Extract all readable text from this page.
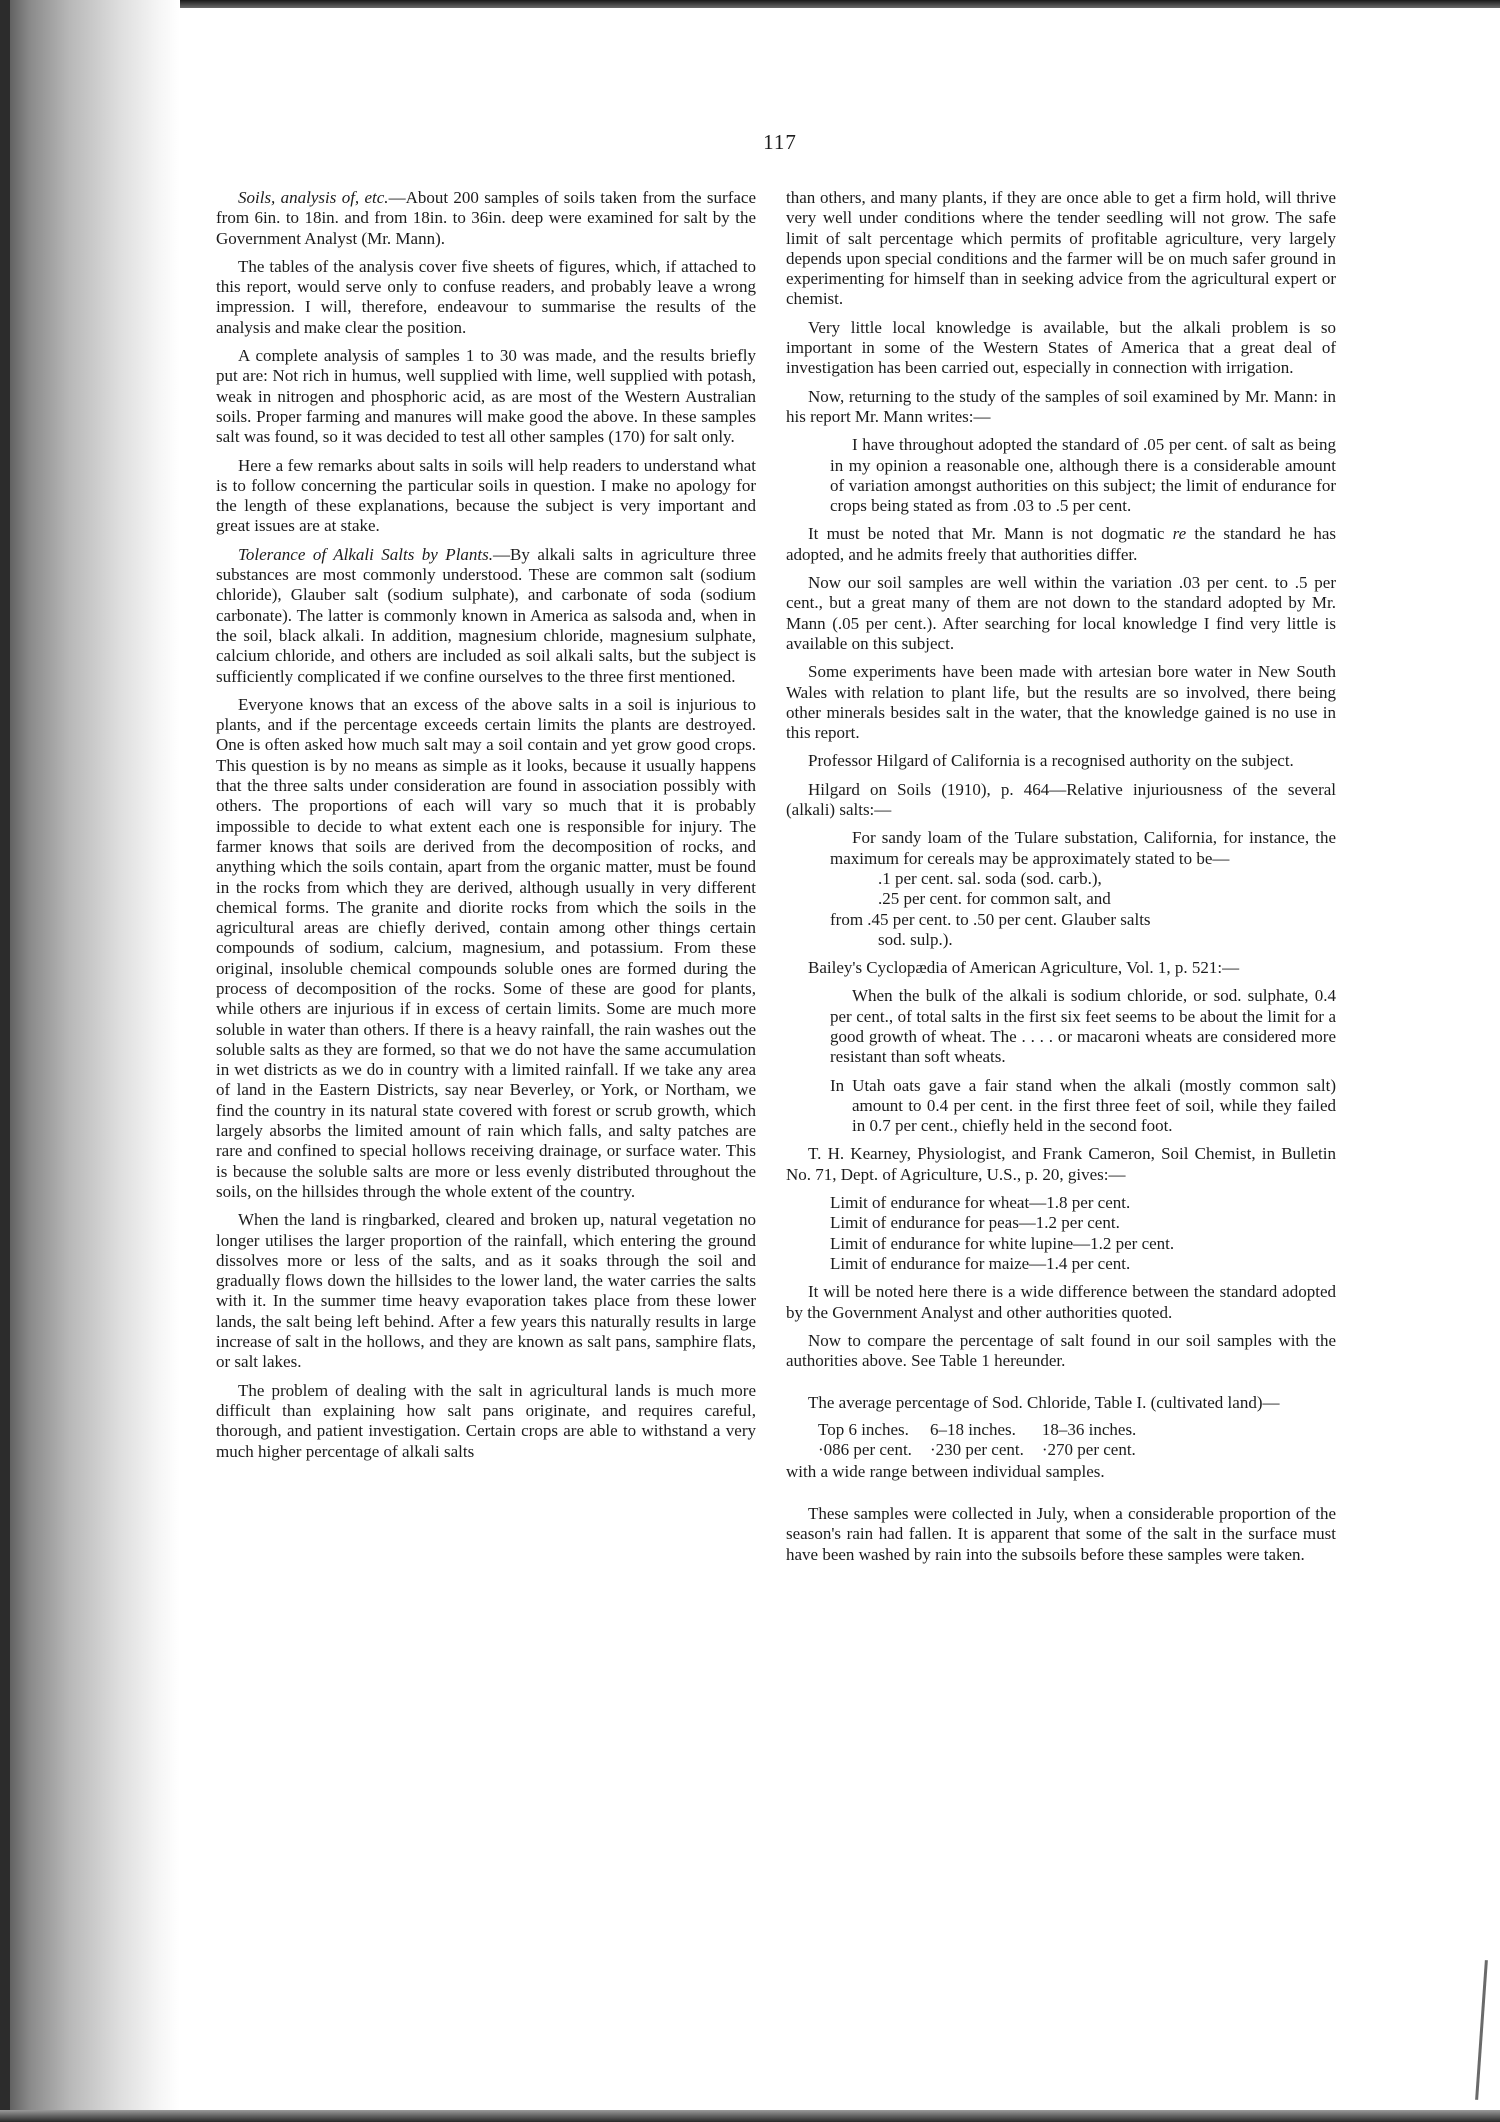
117

Soils, analysis of, etc.—About 200 samples of soils taken from the surface from 6in. to 18in. and from 18in. to 36in. deep were examined for salt by the Government Analyst (Mr. Mann).

The tables of the analysis cover five sheets of figures, which, if attached to this report, would serve only to confuse readers, and probably leave a wrong impression. I will, therefore, endeavour to summarise the results of the analysis and make clear the position.

A complete analysis of samples 1 to 30 was made, and the results briefly put are: Not rich in humus, well supplied with lime, well supplied with potash, weak in nitrogen and phosphoric acid, as are most of the Western Australian soils. Proper farming and manures will make good the above. In these samples salt was found, so it was decided to test all other samples (170) for salt only.

Here a few remarks about salts in soils will help readers to understand what is to follow concerning the particular soils in question. I make no apology for the length of these explanations, because the subject is very important and great issues are at stake.

Tolerance of Alkali Salts by Plants.—By alkali salts in agriculture three substances are most commonly understood. These are common salt (sodium chloride), Glauber salt (sodium sulphate), and carbonate of soda (sodium carbonate). The latter is commonly known in America as salsoda and, when in the soil, black alkali. In addition, magnesium chloride, magnesium sulphate, calcium chloride, and others are included as soil alkali salts, but the subject is sufficiently complicated if we confine ourselves to the three first mentioned.

Everyone knows that an excess of the above salts in a soil is injurious to plants, and if the percentage exceeds certain limits the plants are destroyed. One is often asked how much salt may a soil contain and yet grow good crops. This question is by no means as simple as it looks, because it usually happens that the three salts under consideration are found in association possibly with others. The proportions of each will vary so much that it is probably impossible to decide to what extent each one is responsible for injury. The farmer knows that soils are derived from the decomposition of rocks, and anything which the soils contain, apart from the organic matter, must be found in the rocks from which they are derived, although usually in very different chemical forms. The granite and diorite rocks from which the soils in the agricultural areas are chiefly derived, contain among other things certain compounds of sodium, calcium, magnesium, and potassium. From these original, insoluble chemical compounds soluble ones are formed during the process of decomposition of the rocks. Some of these are good for plants, while others are injurious if in excess of certain limits. Some are much more soluble in water than others. If there is a heavy rainfall, the rain washes out the soluble salts as they are formed, so that we do not have the same accumulation in wet districts as we do in country with a limited rainfall. If we take any area of land in the Eastern Districts, say near Beverley, or York, or Northam, we find the country in its natural state covered with forest or scrub growth, which largely absorbs the limited amount of rain which falls, and salty patches are rare and confined to special hollows receiving drainage, or surface water. This is because the soluble salts are more or less evenly distributed throughout the soils, on the hillsides through the whole extent of the country.

When the land is ringbarked, cleared and broken up, natural vegetation no longer utilises the larger proportion of the rainfall, which entering the ground dissolves more or less of the salts, and as it soaks through the soil and gradually flows down the hillsides to the lower land, the water carries the salts with it. In the summer time heavy evaporation takes place from these lower lands, the salt being left behind. After a few years this naturally results in large increase of salt in the hollows, and they are known as salt pans, samphire flats, or salt lakes.

The problem of dealing with the salt in agricultural lands is much more difficult than explaining how salt pans originate, and requires careful, thorough, and patient investigation. Certain crops are able to withstand a very much higher percentage of alkali salts

than others, and many plants, if they are once able to get a firm hold, will thrive very well under conditions where the tender seedling will not grow. The safe limit of salt percentage which permits of profitable agriculture, very largely depends upon special conditions and the farmer will be on much safer ground in experimenting for himself than in seeking advice from the agricultural expert or chemist.

Very little local knowledge is available, but the alkali problem is so important in some of the Western States of America that a great deal of investigation has been carried out, especially in connection with irrigation.

Now, returning to the study of the samples of soil examined by Mr. Mann: in his report Mr. Mann writes:—

I have throughout adopted the standard of .05 per cent. of salt as being in my opinion a reasonable one, although there is a considerable amount of variation amongst authorities on this subject; the limit of endurance for crops being stated as from .03 to .5 per cent.

It must be noted that Mr. Mann is not dogmatic re the standard he has adopted, and he admits freely that authorities differ.

Now our soil samples are well within the variation .03 per cent. to .5 per cent., but a great many of them are not down to the standard adopted by Mr. Mann (.05 per cent.). After searching for local knowledge I find very little is available on this subject.

Some experiments have been made with artesian bore water in New South Wales with relation to plant life, but the results are so involved, there being other minerals besides salt in the water, that the knowledge gained is no use in this report.

Professor Hilgard of California is a recognised authority on the subject.

Hilgard on Soils (1910), p. 464—Relative injuriousness of the several (alkali) salts:—

For sandy loam of the Tulare substation, California, for instance, the maximum for cereals may be approximately stated to be—

.1 per cent. sal. soda (sod. carb.),
.25 per cent. for common salt, and
from .45 per cent. to .50 per cent. Glauber salts
sod. sulp.).

Bailey's Cyclopædia of American Agriculture, Vol. 1, p. 521:—

When the bulk of the alkali is sodium chloride, or sod. sulphate, 0.4 per cent., of total salts in the first six feet seems to be about the limit for a good growth of wheat. The . . . . or macaroni wheats are considered more resistant than soft wheats.

In Utah oats gave a fair stand when the alkali (mostly common salt) amount to 0.4 per cent. in the first three feet of soil, while they failed in 0.7 per cent., chiefly held in the second foot.

T. H. Kearney, Physiologist, and Frank Cameron, Soil Chemist, in Bulletin No. 71, Dept. of Agriculture, U.S., p. 20, gives:—

Limit of endurance for wheat—1.8 per cent.
Limit of endurance for peas—1.2 per cent.
Limit of endurance for white lupine—1.2 per cent.
Limit of endurance for maize—1.4 per cent.

It will be noted here there is a wide difference between the standard adopted by the Government Analyst and other authorities quoted.

Now to compare the percentage of salt found in our soil samples with the authorities above. See Table 1 hereunder.

The average percentage of Sod. Chloride, Table I. (cultivated land)—

Top 6 inches.	6–18 inches.	18–36 inches.
·086 per cent.	·230 per cent.	·270 per cent.

with a wide range between individual samples.

These samples were collected in July, when a considerable proportion of the season's rain had fallen. It is apparent that some of the salt in the surface must have been washed by rain into the subsoils before these samples were taken.
